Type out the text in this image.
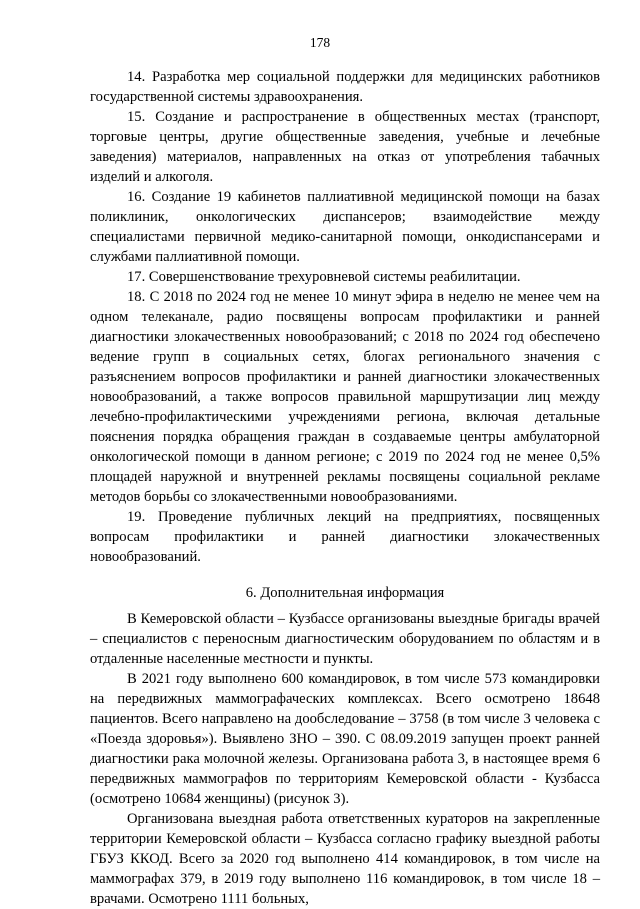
178

14. Разработка мер социальной поддержки для медицинских работников государственной системы здравоохранения.

15. Создание и распространение в общественных местах (транспорт, торговые центры, другие общественные заведения, учебные и лечебные заведения) материалов, направленных на отказ от употребления табачных изделий и алкоголя.

16. Создание 19 кабинетов паллиативной медицинской помощи на базах поликлиник, онкологических диспансеров; взаимодействие между специалистами первичной медико-санитарной помощи, онкодиспансерами и службами паллиативной помощи.

17. Совершенствование трехуровневой системы реабилитации.

18. С 2018 по 2024 год не менее 10 минут эфира в неделю не менее чем на одном телеканале, радио посвящены вопросам профилактики и ранней диагностики злокачественных новообразований; с 2018 по 2024 год обеспечено ведение групп в социальных сетях, блогах регионального значения с разъяснением вопросов профилактики и ранней диагностики злокачественных новообразований, а также вопросов правильной маршрутизации лиц между лечебно-профилактическими учреждениями региона, включая детальные пояснения порядка обращения граждан в создаваемые центры амбулаторной онкологической помощи в данном регионе; с 2019 по 2024 год не менее 0,5% площадей наружной и внутренней рекламы посвящены социальной рекламе методов борьбы со злокачественными новообразованиями.

19. Проведение публичных лекций на предприятиях, посвященных вопросам профилактики и ранней диагностики злокачественных новообразований.

6. Дополнительная информация

В Кемеровской области – Кузбассе организованы выездные бригады врачей – специалистов с переносным диагностическим оборудованием по областям и в отдаленные населенные местности и пункты.

В 2021 году выполнено 600 командировок, в том числе 573 командировки на передвижных маммографаческих комплексах. Всего осмотрено 18648 пациентов. Всего направлено на дообследование – 3758 (в том числе 3 человека с «Поезда здоровья»). Выявлено ЗНО – 390. С 08.09.2019 запущен проект ранней диагностики рака молочной железы. Организована работа 3, в настоящее время 6 передвижных маммографов по территориям Кемеровской области - Кузбасса (осмотрено 10684 женщины) (рисунок 3).

Организована выездная работа ответственных кураторов на закрепленные территории Кемеровской области – Кузбасса согласно графику выездной работы ГБУЗ ККОД. Всего за 2020 год выполнено 414 командировок, в том числе на маммографах 379, в 2019 году выполнено 116 командировок, в том числе 18 – врачами. Осмотрено 1111 больных,
